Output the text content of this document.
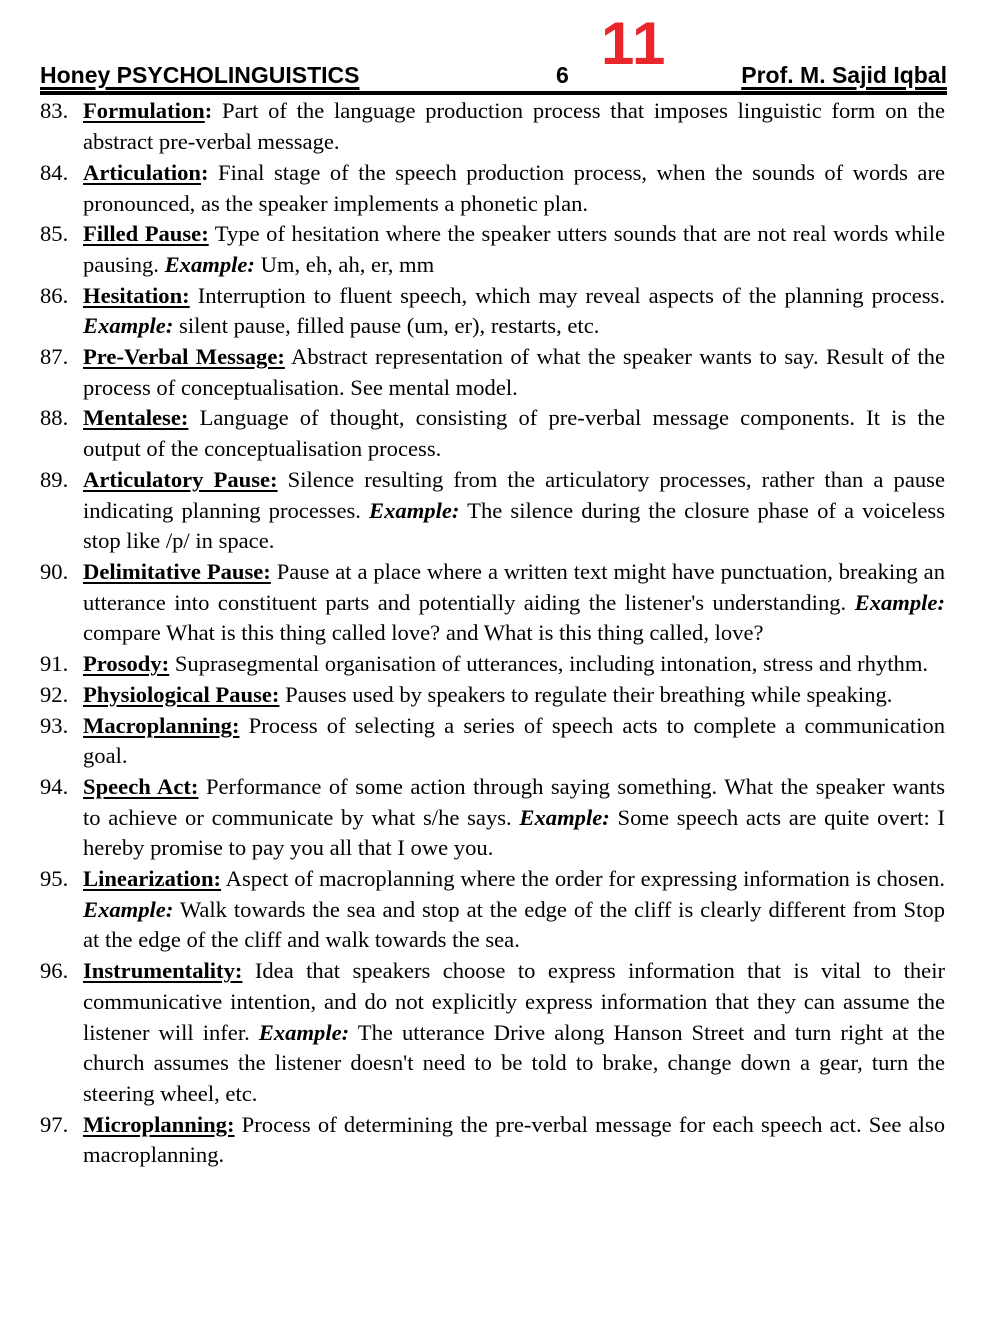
11
Honey PSYCHOLINGUISTICS	6	Prof. M. Sajid Iqbal
83. Formulation: Part of the language production process that imposes linguistic form on the abstract pre-verbal message.
84. Articulation: Final stage of the speech production process, when the sounds of words are pronounced, as the speaker implements a phonetic plan.
85. Filled Pause: Type of hesitation where the speaker utters sounds that are not real words while pausing. Example: Um, eh, ah, er, mm
86. Hesitation: Interruption to fluent speech, which may reveal aspects of the planning process. Example: silent pause, filled pause (um, er), restarts, etc.
87. Pre-Verbal Message: Abstract representation of what the speaker wants to say. Result of the process of conceptualisation. See mental model.
88. Mentalese: Language of thought, consisting of pre-verbal message components. It is the output of the conceptualisation process.
89. Articulatory Pause: Silence resulting from the articulatory processes, rather than a pause indicating planning processes. Example: The silence during the closure phase of a voiceless stop like /p/ in space.
90. Delimitative Pause: Pause at a place where a written text might have punctuation, breaking an utterance into constituent parts and potentially aiding the listener's understanding. Example: compare What is this thing called love? and What is this thing called, love?
91. Prosody: Suprasegmental organisation of utterances, including intonation, stress and rhythm.
92. Physiological Pause: Pauses used by speakers to regulate their breathing while speaking.
93. Macroplanning: Process of selecting a series of speech acts to complete a communication goal.
94. Speech Act: Performance of some action through saying something. What the speaker wants to achieve or communicate by what s/he says. Example: Some speech acts are quite overt: I hereby promise to pay you all that I owe you.
95. Linearization: Aspect of macroplanning where the order for expressing information is chosen. Example: Walk towards the sea and stop at the edge of the cliff is clearly different from Stop at the edge of the cliff and walk towards the sea.
96. Instrumentality: Idea that speakers choose to express information that is vital to their communicative intention, and do not explicitly express information that they can assume the listener will infer. Example: The utterance Drive along Hanson Street and turn right at the church assumes the listener doesn't need to be told to brake, change down a gear, turn the steering wheel, etc.
97. Microplanning: Process of determining the pre-verbal message for each speech act. See also macroplanning.
